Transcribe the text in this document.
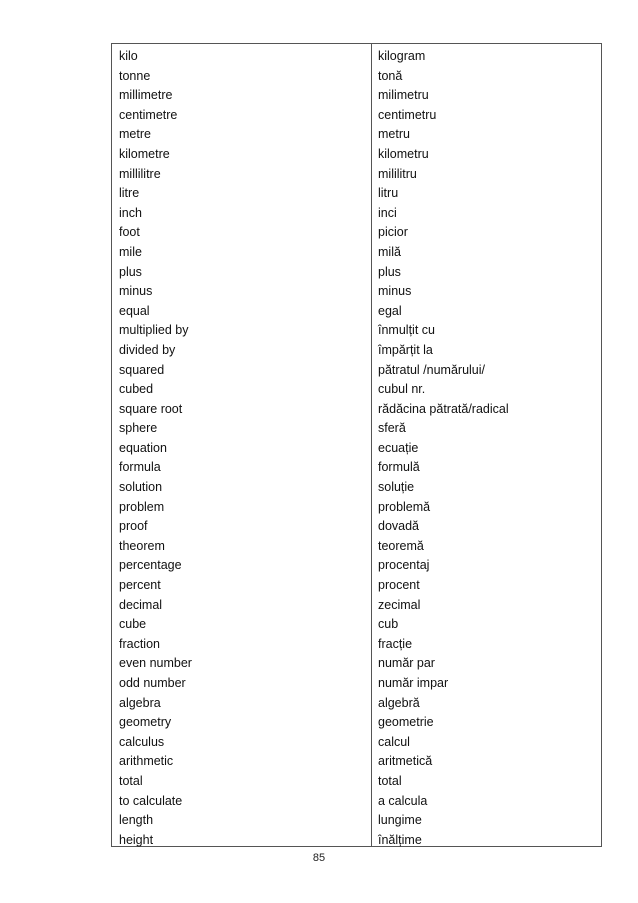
kilo
tonne
millimetre
centimetre
metre
kilometre
millilitre
litre
inch
foot
mile
plus
minus
equal
multiplied by
divided by
squared
cubed
square root
sphere
equation
formula
solution
problem
proof
theorem
percentage
percent
decimal
cube
fraction
even number
odd number
algebra
geometry
calculus
arithmetic
total
to calculate
length
height
kilogram
tonă
milimetru
centimetru
metru
kilometru
mililitru
litru
inci
picior
milă
plus
minus
egal
înmulțit cu
împărțit la
pătratul /numărului/
cubul nr.
rădăcina pătrată/radical
sferă
ecuație
formulă
soluție
problemă
dovadă
teoremă
procentaj
procent
zecimal
cub
fracție
număr par
număr impar
algebră
geometrie
calcul
aritmetică
total
a calcula
lungime
înălțime
85
